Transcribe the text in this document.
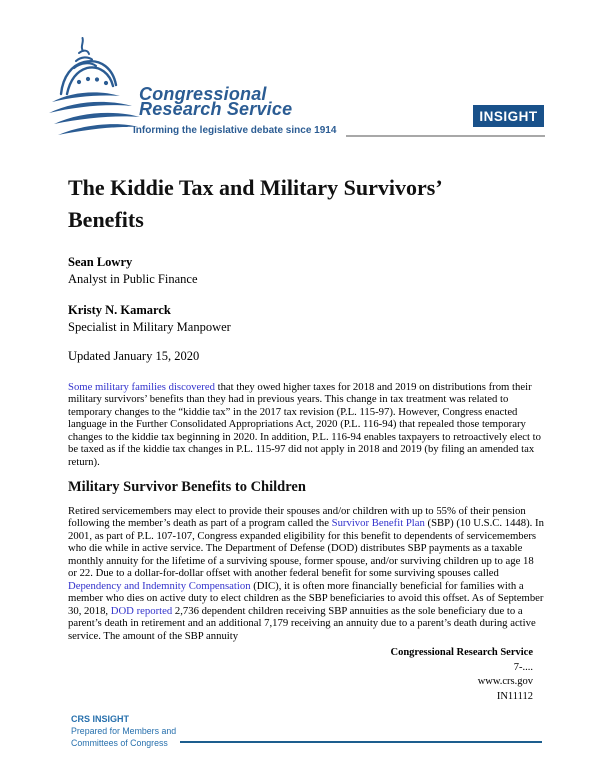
Congressional
Research Service
Informing the legislative debate since 1914
INSIGHT
The Kiddie Tax and Military Survivors’ Benefits
Sean Lowry
Analyst in Public Finance
Kristy N. Kamarck
Specialist in Military Manpower
Updated January 15, 2020
Some military families discovered that they owed higher taxes for 2018 and 2019 on distributions from their military survivors’ benefits than they had in previous years. This change in tax treatment was related to temporary changes to the “kiddie tax” in the 2017 tax revision (P.L. 115-97). However, Congress enacted language in the Further Consolidated Appropriations Act, 2020 (P.L. 116-94) that repealed those temporary changes to the kiddie tax beginning in 2020. In addition, P.L. 116-94 enables taxpayers to retroactively elect to be taxed as if the kiddie tax changes in P.L. 115-97 did not apply in 2018 and 2019 (by filing an amended tax return).
Military Survivor Benefits to Children
Retired servicemembers may elect to provide their spouses and/or children with up to 55% of their pension following the member’s death as part of a program called the Survivor Benefit Plan (SBP) (10 U.S.C. 1448). In 2001, as part of P.L. 107-107, Congress expanded eligibility for this benefit to dependents of servicemembers who die while in active service. The Department of Defense (DOD) distributes SBP payments as a taxable monthly annuity for the lifetime of a surviving spouse, former spouse, and/or surviving children up to age 18 or 22. Due to a dollar-for-dollar offset with another federal benefit for some surviving spouses called Dependency and Indemnity Compensation (DIC), it is often more financially beneficial for families with a member who dies on active duty to elect children as the SBP beneficiaries to avoid this offset. As of September 30, 2018, DOD reported 2,736 dependent children receiving SBP annuities as the sole beneficiary due to a parent’s death in retirement and an additional 7,179 receiving an annuity due to a parent’s death during active service. The amount of the SBP annuity
Congressional Research Service
7-....
www.crs.gov
IN11112
CRS INSIGHT
Prepared for Members and
Committees of Congress
